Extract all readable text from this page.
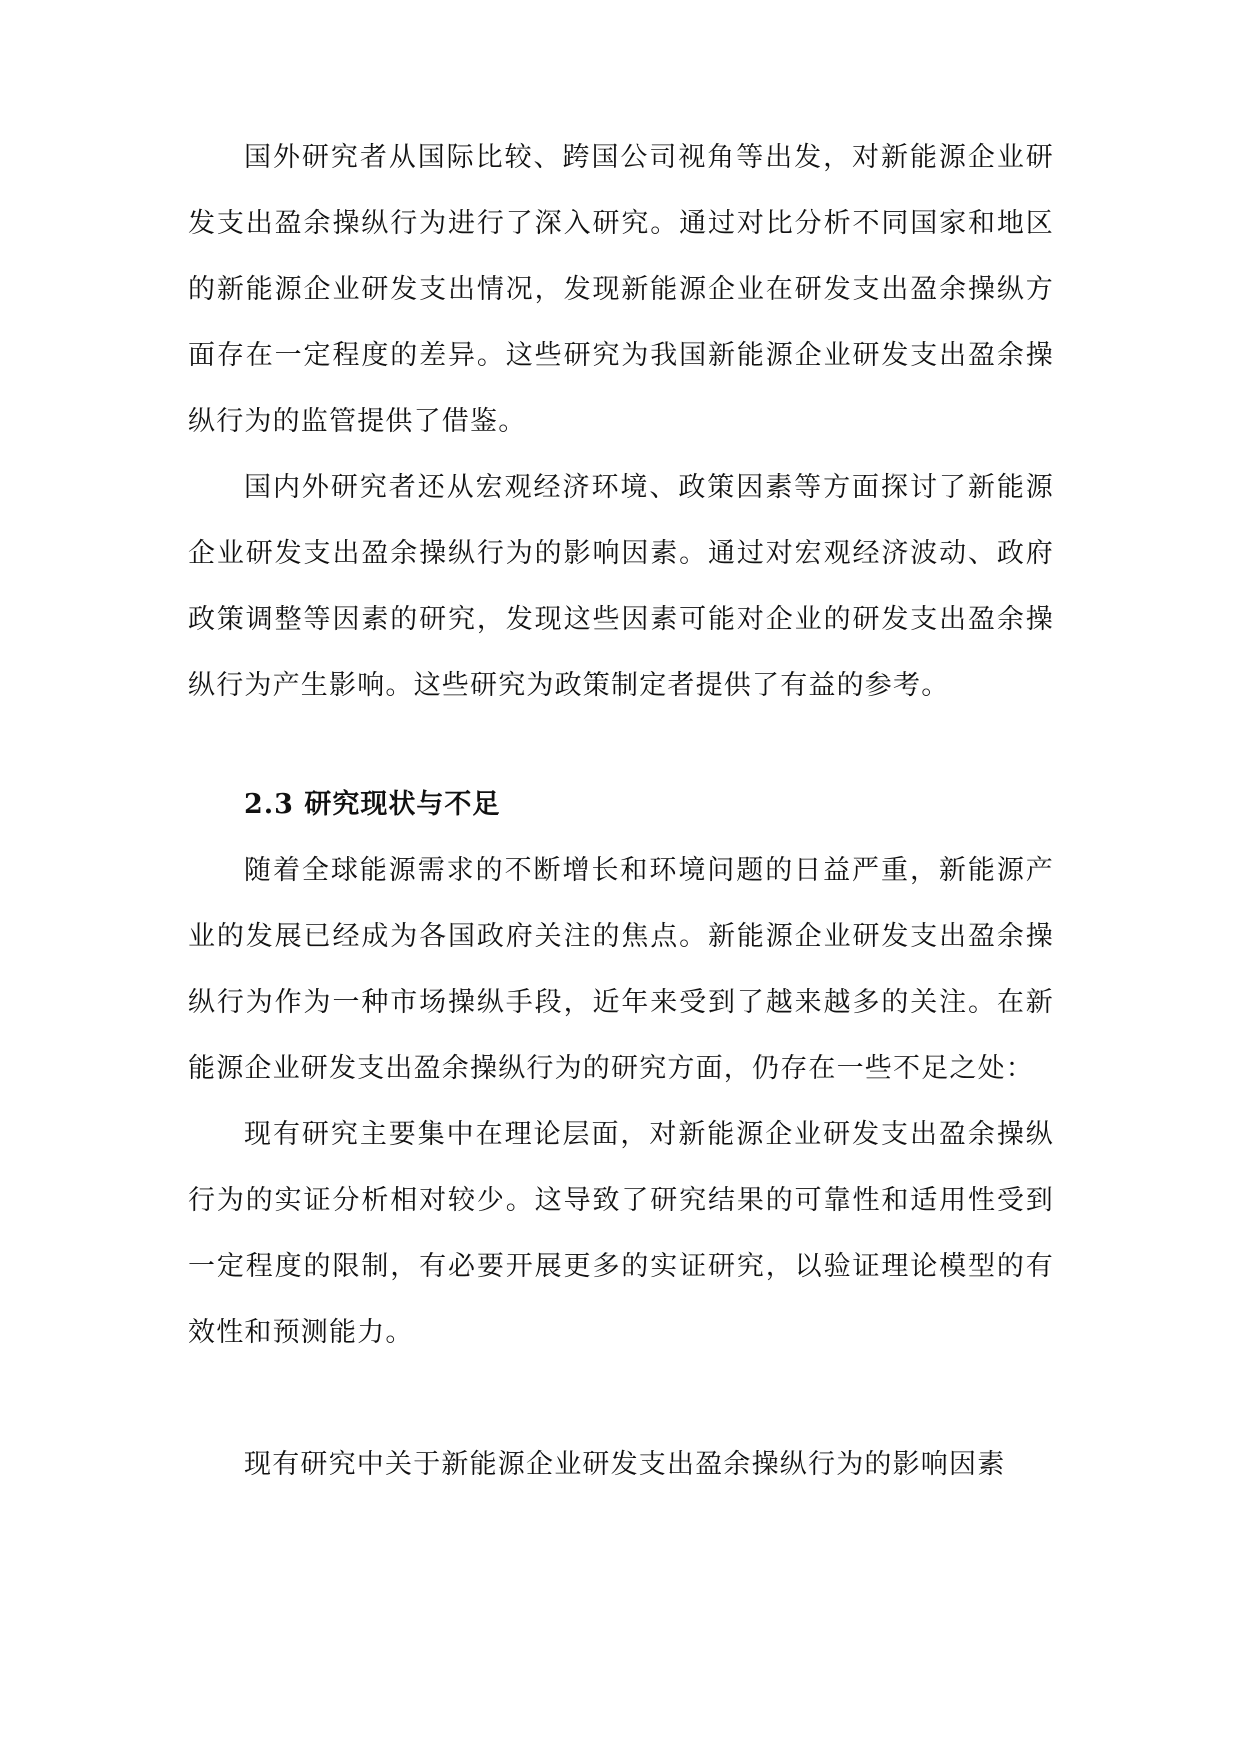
国外研究者从国际比较、跨国公司视角等出发，对新能源企业研发支出盈余操纵行为进行了深入研究。通过对比分析不同国家和地区的新能源企业研发支出情况，发现新能源企业在研发支出盈余操纵方面存在一定程度的差异。这些研究为我国新能源企业研发支出盈余操纵行为的监管提供了借鉴。

国内外研究者还从宏观经济环境、政策因素等方面探讨了新能源企业研发支出盈余操纵行为的影响因素。通过对宏观经济波动、政府政策调整等因素的研究，发现这些因素可能对企业的研发支出盈余操纵行为产生影响。这些研究为政策制定者提供了有益的参考。

2.3 研究现状与不足

随着全球能源需求的不断增长和环境问题的日益严重，新能源产业的发展已经成为各国政府关注的焦点。新能源企业研发支出盈余操纵行为作为一种市场操纵手段，近年来受到了越来越多的关注。在新能源企业研发支出盈余操纵行为的研究方面，仍存在一些不足之处：

现有研究主要集中在理论层面，对新能源企业研发支出盈余操纵行为的实证分析相对较少。这导致了研究结果的可靠性和适用性受到一定程度的限制，有必要开展更多的实证研究，以验证理论模型的有效性和预测能力。

现有研究中关于新能源企业研发支出盈余操纵行为的影响因素
